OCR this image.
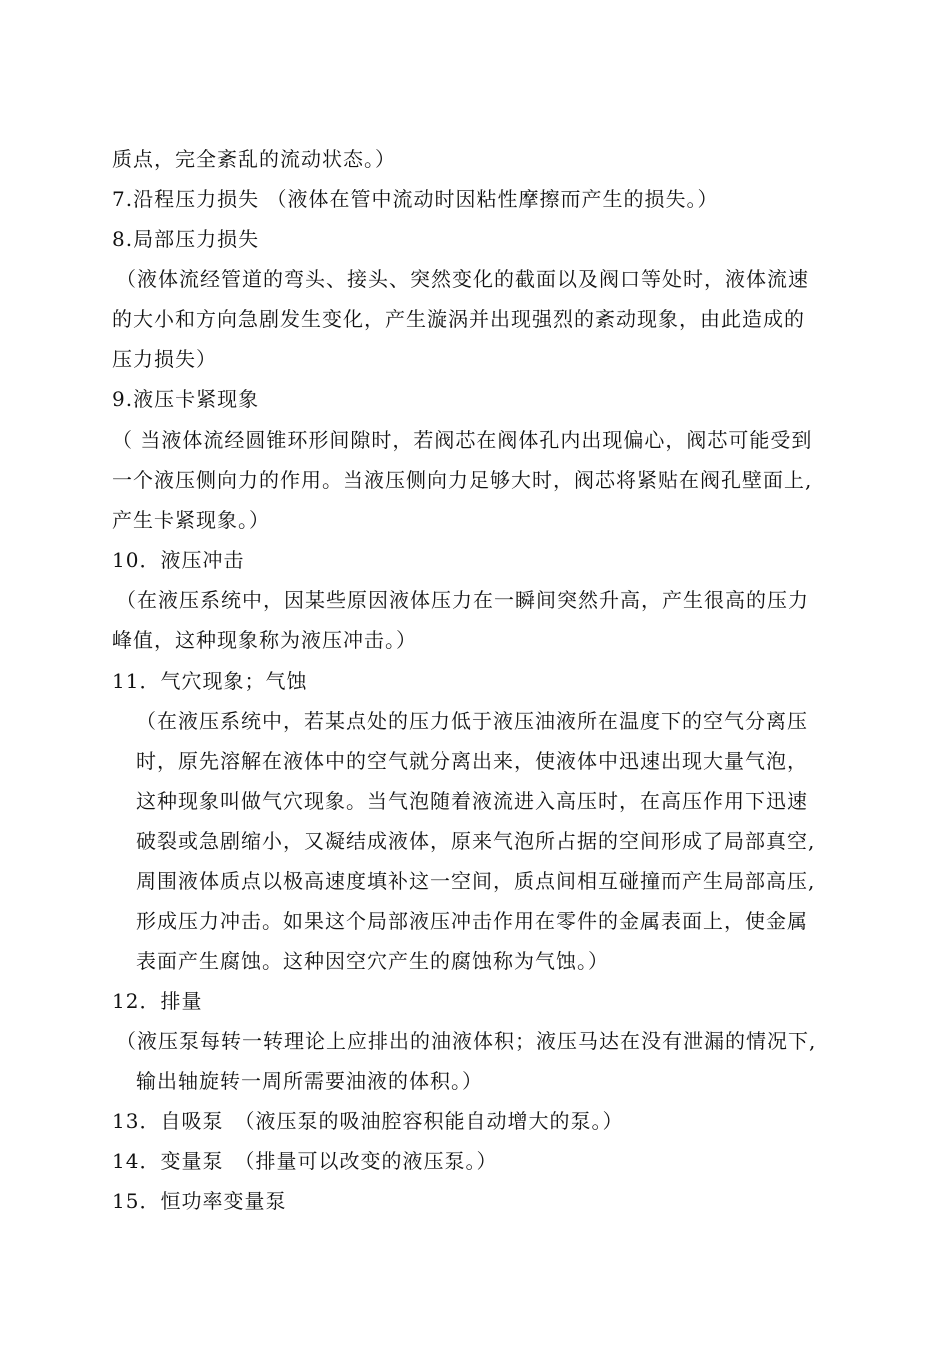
质点，完全紊乱的流动状态。）
7.沿程压力损失 （液体在管中流动时因粘性摩擦而产生的损失。）
8.局部压力损失
（液体流经管道的弯头、接头、突然变化的截面以及阀口等处时，液体流速
的大小和方向急剧发生变化，产生漩涡并出现强烈的紊动现象，由此造成的
压力损失）
9.液压卡紧现象
（ 当液体流经圆锥环形间隙时，若阀芯在阀体孔内出现偏心，阀芯可能受到
一个液压侧向力的作用。当液压侧向力足够大时，阀芯将紧贴在阀孔壁面上,
产生卡紧现象。）
10．液压冲击
（在液压系统中，因某些原因液体压力在一瞬间突然升高，产生很高的压力
峰值，这种现象称为液压冲击。）
11．气穴现象；气蚀
（在液压系统中，若某点处的压力低于液压油液所在温度下的空气分离压
时，原先溶解在液体中的空气就分离出来，使液体中迅速出现大量气泡，
这种现象叫做气穴现象。当气泡随着液流进入高压时，在高压作用下迅速
破裂或急剧缩小，又凝结成液体，原来气泡所占据的空间形成了局部真空,
周围液体质点以极高速度填补这一空间，质点间相互碰撞而产生局部高压,
形成压力冲击。如果这个局部液压冲击作用在零件的金属表面上，使金属
表面产生腐蚀。这种因空穴产生的腐蚀称为气蚀。）
12．排量
（液压泵每转一转理论上应排出的油液体积；液压马达在没有泄漏的情况下,
输出轴旋转一周所需要油液的体积。）
13．自吸泵　（液压泵的吸油腔容积能自动增大的泵。）
14．变量泵　（排量可以改变的液压泵。）
15．恒功率变量泵
